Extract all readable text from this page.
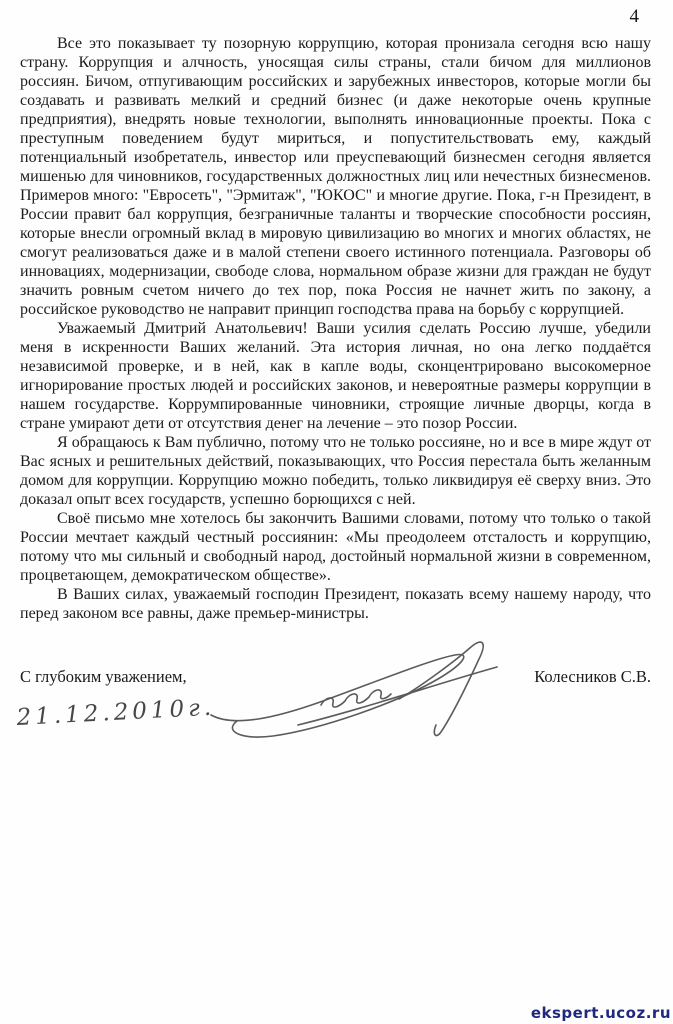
4

Все это показывает ту позорную коррупцию, которая пронизала сегодня всю нашу страну. Коррупция и алчность, уносящая силы страны, стали бичом для миллионов россиян. Бичом, отпугивающим российских и зарубежных инвесторов, которые могли бы создавать и развивать мелкий и средний бизнес (и даже некоторые очень крупные предприятия), внедрять новые технологии, выполнять инновационные проекты. Пока с преступным поведением будут мириться, и попустительствовать ему, каждый потенциальный изобретатель, инвестор или преуспевающий бизнесмен сегодня является мишенью для чиновников, государственных должностных лиц или нечестных бизнесменов. Примеров много: "Евросеть", "Эрмитаж", "ЮКОС" и многие другие. Пока, г-н Президент, в России правит бал коррупция, безграничные таланты и творческие способности россиян, которые внесли огромный вклад в мировую цивилизацию во многих и многих областях, не смогут реализоваться даже и в малой степени своего истинного потенциала. Разговоры об инновациях, модернизации, свободе слова, нормальном образе жизни для граждан не будут значить ровным счетом ничего до тех пор, пока Россия не начнет жить по закону, а российское руководство не направит принцип господства права на борьбу с коррупцией.

Уважаемый Дмитрий Анатольевич! Ваши усилия сделать Россию лучше, убедили меня в искренности Ваших желаний. Эта история личная, но она легко поддаётся независимой проверке, и в ней, как в капле воды, сконцентрировано высокомерное игнорирование простых людей и российских законов, и невероятные размеры коррупции в нашем государстве. Коррумпированные чиновники, строящие личные дворцы, когда в стране умирают дети от отсутствия денег на лечение – это позор России.

Я обращаюсь к Вам публично, потому что не только россияне, но и все в мире ждут от Вас ясных и решительных действий, показывающих, что Россия перестала быть желанным домом для коррупции. Коррупцию можно победить, только ликвидируя её сверху вниз. Это доказал опыт всех государств, успешно борющихся с ней.

Своё письмо мне хотелось бы закончить Вашими словами, потому что только о такой России мечтает каждый честный россиянин: «Мы преодолеем отсталость и коррупцию, потому что мы сильный и свободный народ, достойный нормальной жизни в современном, процветающем, демократическом обществе».

В Ваших силах, уважаемый господин Президент, показать всему нашему народу, что перед законом все равны, даже премьер-министры.

С глубоким уважением,	Колесников С.В.
21.12.2010г.
ekspert.ucoz.ru
